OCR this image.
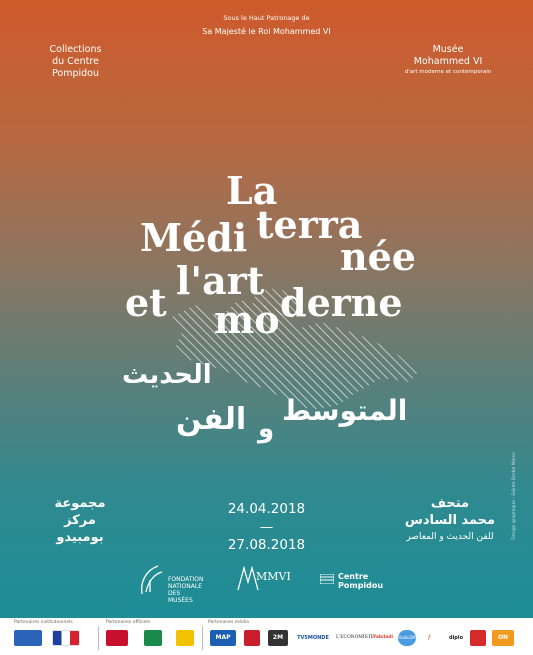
Sous le Haut Patronage de
Sa Majesté le Roi Mohammed VI
Collections
du Centre
Pompidou
Musée
Mohammed VI
d'art moderne et contemporain
La
terra
Médi née
l'art
et	derne
mo
الحديث
المتوسط
و
الفن
مجموعة
مركز
بومبيدو
24.04.2018
—
27.08.2018
متحف
محمد السادس
للفن الحديث و المعاصر
FONDATION
NATIONALE DES
MUSÉES
MMVI	Centre
Pompidou
Design graphique : Sainte Barbe Maroc
Partenaires institutionnels	Partenaires officiels	Partenaires média
MAP	2M	TV5MONDE L'ECONOMISTE
Yabiladi Radio2M	f	diplo	ON
